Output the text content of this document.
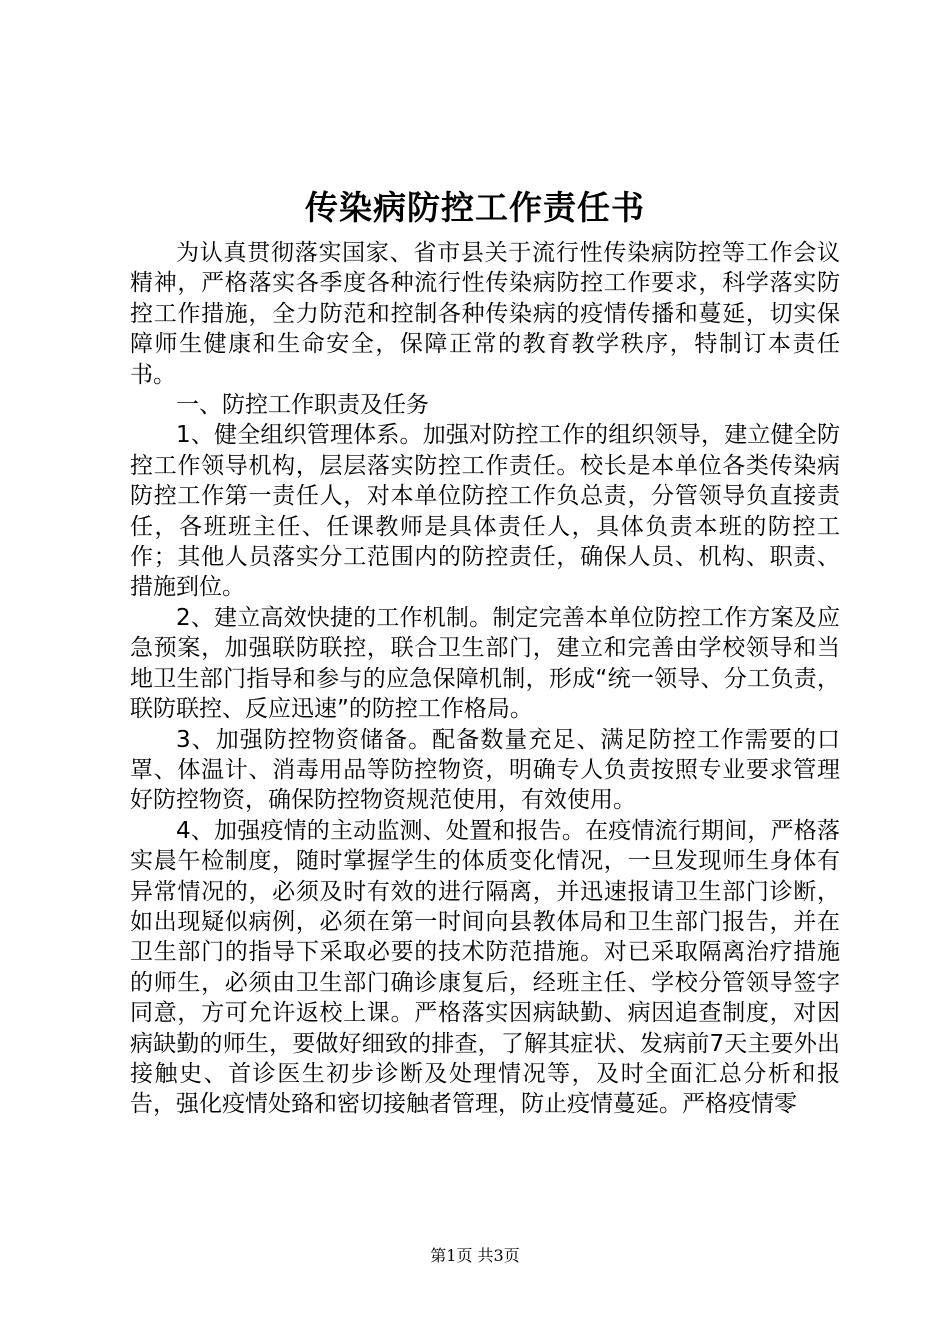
传染病防控工作责任书

为认真贯彻落实国家、省市县关于流行性传染病防控等工作会议精神，严格落实各季度各种流行性传染病防控工作要求，科学落实防控工作措施，全力防范和控制各种传染病的疫情传播和蔓延，切实保障师生健康和生命安全，保障正常的教育教学秩序，特制订本责任书。

一、防控工作职责及任务

1、健全组织管理体系。加强对防控工作的组织领导，建立健全防控工作领导机构，层层落实防控工作责任。校长是本单位各类传染病防控工作第一责任人，对本单位防控工作负总责，分管领导负直接责任，各班班主任、任课教师是具体责任人，具体负责本班的防控工作；其他人员落实分工范围内的防控责任，确保人员、机构、职责、措施到位。

2、建立高效快捷的工作机制。制定完善本单位防控工作方案及应急预案，加强联防联控，联合卫生部门，建立和完善由学校领导和当地卫生部门指导和参与的应急保障机制，形成“统一领导、分工负责，联防联控、反应迅速”的防控工作格局。

3、加强防控物资储备。配备数量充足、满足防控工作需要的口罩、体温计、消毒用品等防控物资，明确专人负责按照专业要求管理好防控物资，确保防控物资规范使用，有效使用。

4、加强疫情的主动监测、处置和报告。在疫情流行期间，严格落实晨午检制度，随时掌握学生的体质变化情况，一旦发现师生身体有异常情况的，必须及时有效的进行隔离，并迅速报请卫生部门诊断，如出现疑似病例，必须在第一时间向县教体局和卫生部门报告，并在卫生部门的指导下采取必要的技术防范措施。对已采取隔离治疗措施的师生，必须由卫生部门确诊康复后，经班主任、学校分管领导签字同意，方可允许返校上课。严格落实因病缺勤、病因追查制度，对因病缺勤的师生，要做好细致的排查，了解其症状、发病前7天主要外出接触史、首诊医生初步诊断及处理情况等，及时全面汇总分析和报告，强化疫情处臵和密切接触者管理，防止疫情蔓延。严格疫情零

第1页 共3页
